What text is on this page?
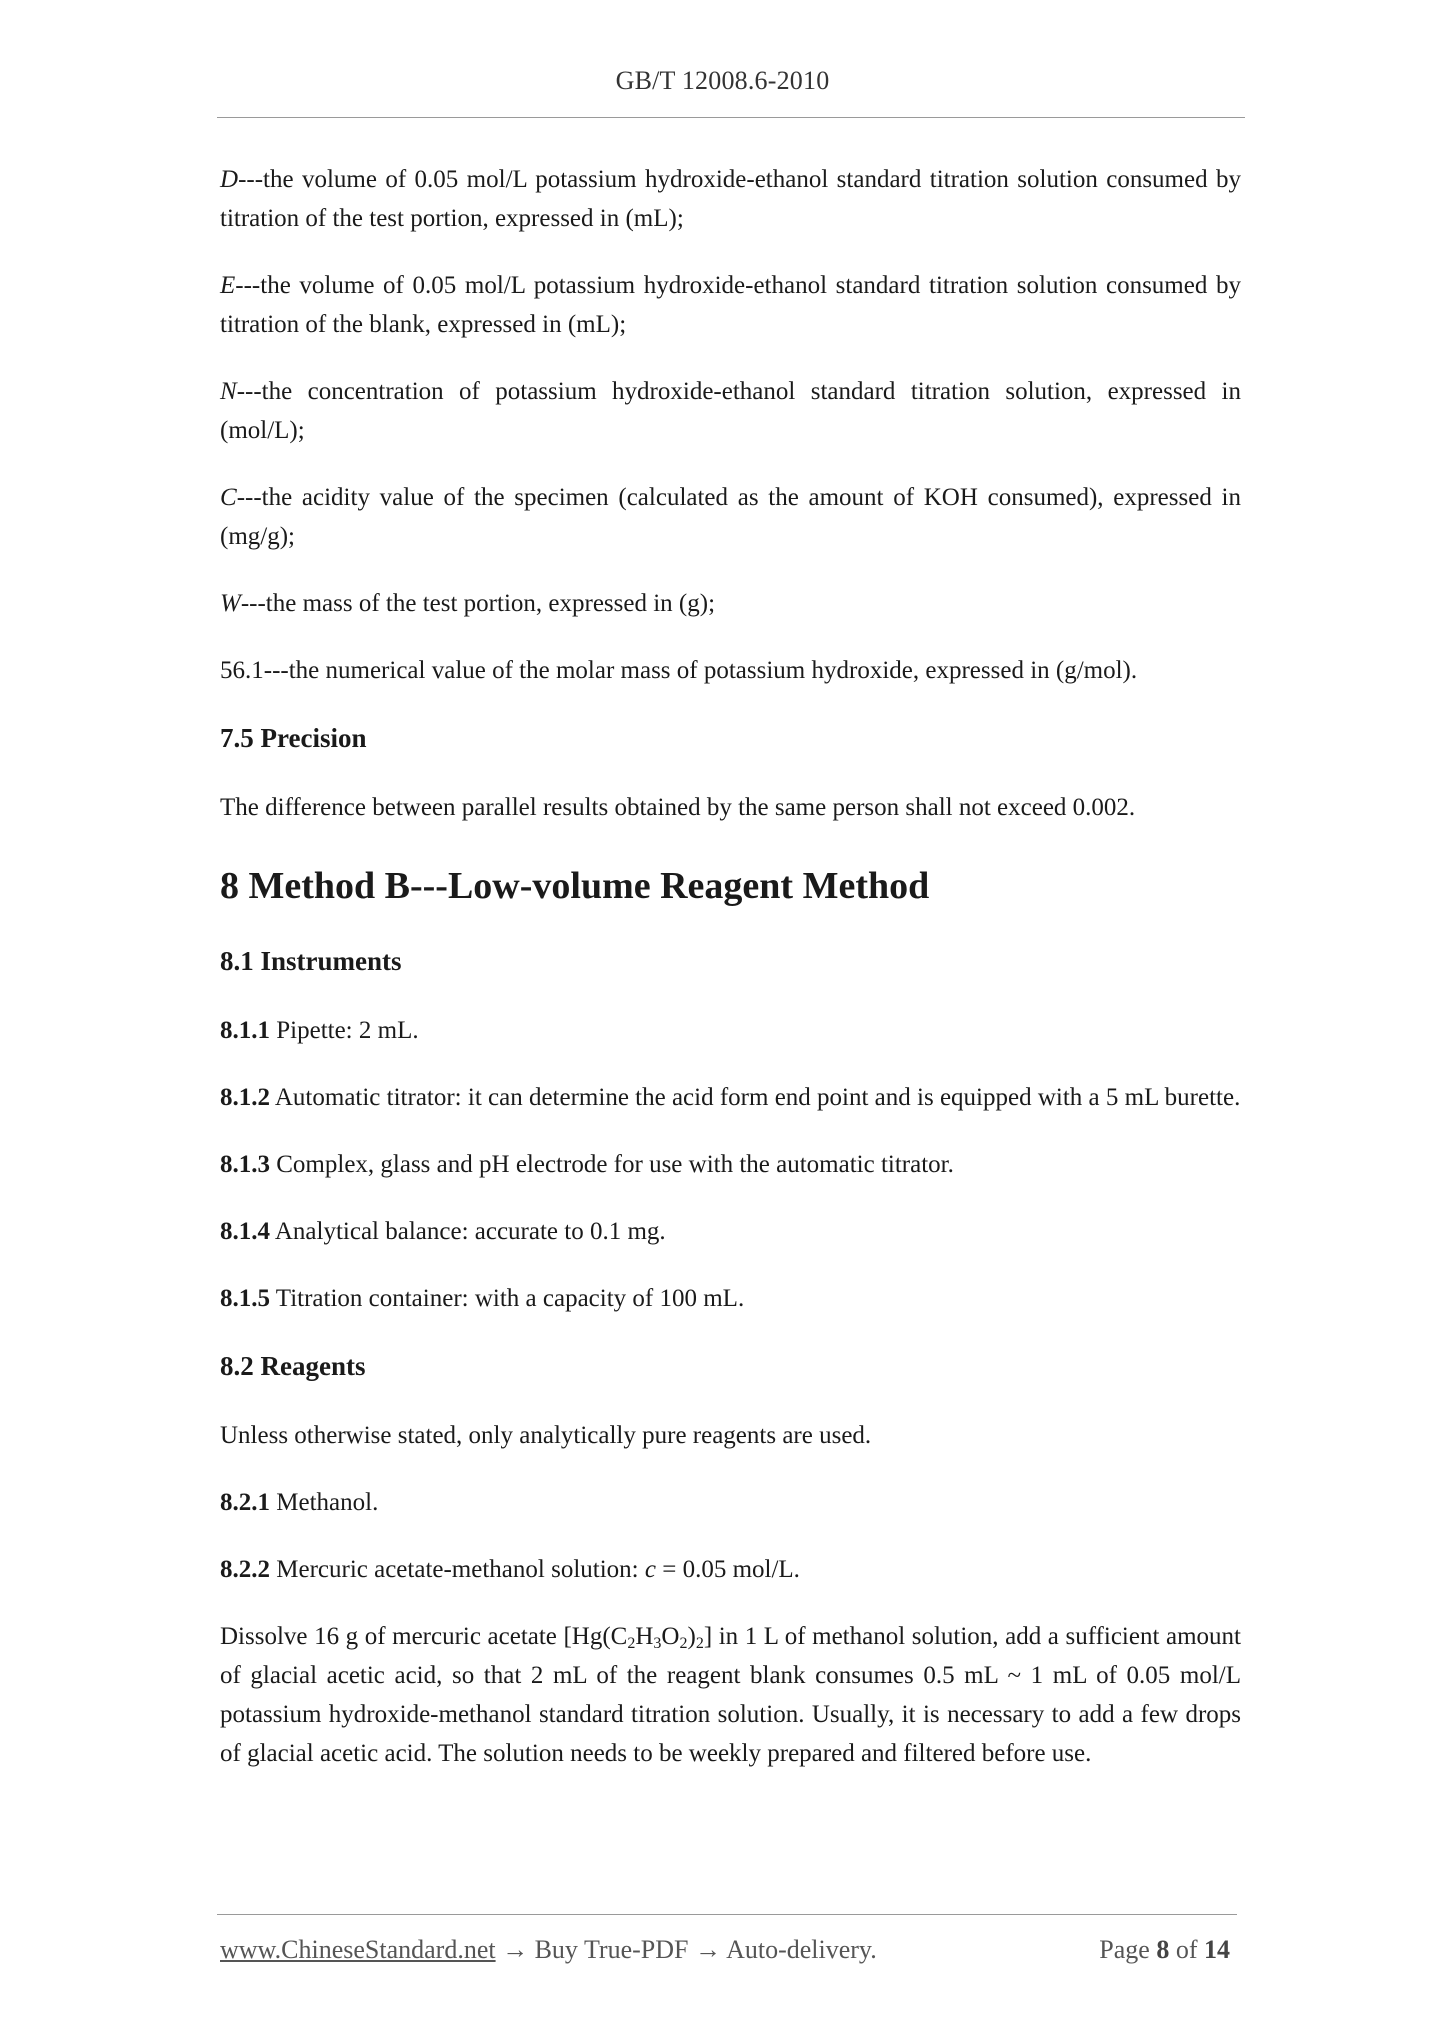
GB/T 12008.6-2010

D---the volume of 0.05 mol/L potassium hydroxide-ethanol standard titration solution consumed by titration of the test portion, expressed in (mL);

E---the volume of 0.05 mol/L potassium hydroxide-ethanol standard titration solution consumed by titration of the blank, expressed in (mL);

N---the concentration of potassium hydroxide-ethanol standard titration solution, expressed in (mol/L);

C---the acidity value of the specimen (calculated as the amount of KOH consumed), expressed in (mg/g);

W---the mass of the test portion, expressed in (g);

56.1---the numerical value of the molar mass of potassium hydroxide, expressed in (g/mol).

7.5 Precision

The difference between parallel results obtained by the same person shall not exceed 0.002.

8 Method B---Low-volume Reagent Method
8.1 Instruments

8.1.1 Pipette: 2 mL.

8.1.2 Automatic titrator: it can determine the acid form end point and is equipped with a 5 mL burette.

8.1.3 Complex, glass and pH electrode for use with the automatic titrator.

8.1.4 Analytical balance: accurate to 0.1 mg.

8.1.5 Titration container: with a capacity of 100 mL.

8.2 Reagents

Unless otherwise stated, only analytically pure reagents are used.

8.2.1 Methanol.

8.2.2 Mercuric acetate-methanol solution: c = 0.05 mol/L.

Dissolve 16 g of mercuric acetate $[Hg(C_2H_3O_2)_2]$ in 1 L of methanol solution, add a sufficient amount of glacial acetic acid, so that 2 mL of the reagent blank consumes 0.5 mL ~ 1 mL of 0.05 mol/L potassium hydroxide-methanol standard titration solution. Usually, it is necessary to add a few drops of glacial acetic acid. The solution needs to be weekly prepared and filtered before use.

www.ChineseStandard.net → Buy True-PDF → Auto-delivery.	Page 8 of 14
